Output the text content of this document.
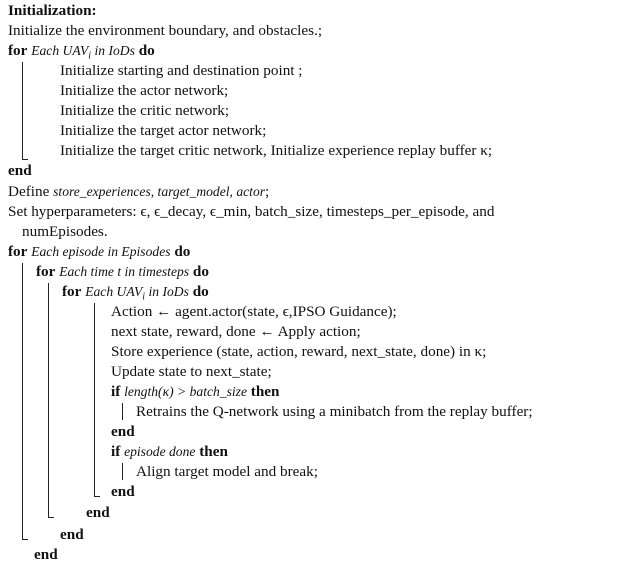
Initialization:
Initialize the environment boundary, and obstacles.;
for Each $UAV_i$ in IoDs do
Initialize starting and destination point ;
Initialize the actor network;
Initialize the critic network;
Initialize the target actor network;
Initialize the target critic network, Initialize experience replay buffer κ;
end
Define store_experiences, target_model, actor;
Set hyperparameters: ϵ, ϵ_decay, ϵ_min, batch_size, timesteps_per_episode, and
numEpisodes.
for Each episode in Episodes do
for Each time t in timesteps do
for Each $UAV_i$ in IoDs do
Action ← agent.actor(state, ϵ,IPSO Guidance);
next state, reward, done ← Apply action;
Store experience (state, action, reward, next_state, done) in κ;
Update state to next_state;
if length(κ) > batch_size then
Retrains the Q-network using a minibatch from the replay buffer;
end
if episode done then
Align target model and break;
end
end
end
end
